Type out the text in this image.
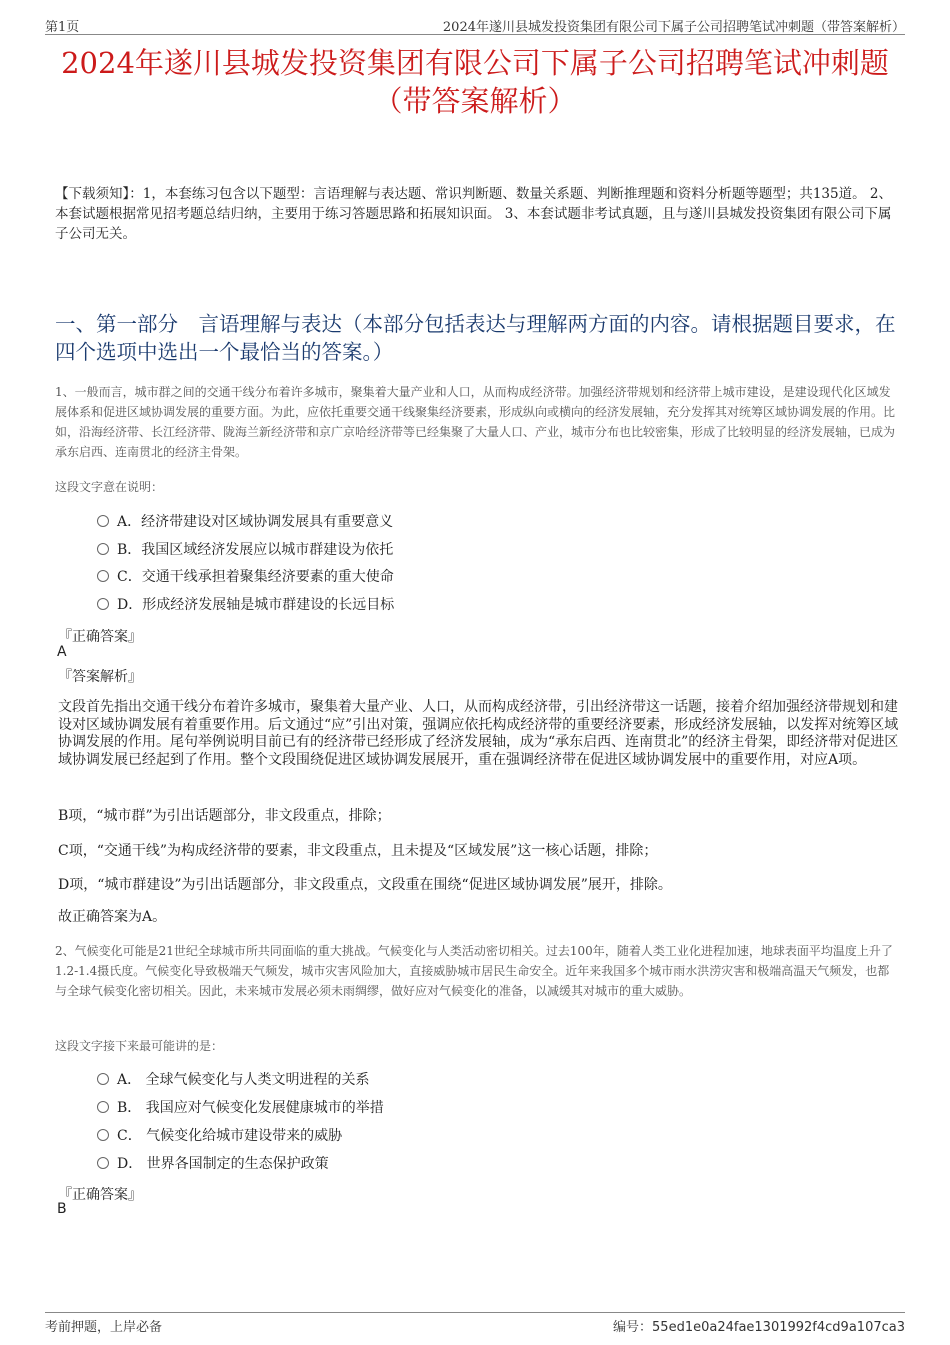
第1页	2024年遂川县城发投资集团有限公司下属子公司招聘笔试冲刺题（带答案解析）
2024年遂川县城发投资集团有限公司下属子公司招聘笔试冲刺题（带答案解析）
【下载须知】：1，本套练习包含以下题型：言语理解与表达题、常识判断题、数量关系题、判断推理题和资料分析题等题型；共135道。 2、本套试题根据常见招考题总结归纳，主要用于练习答题思路和拓展知识面。 3、本套试题非考试真题，且与遂川县城发投资集团有限公司下属子公司无关。
一、第一部分　言语理解与表达（本部分包括表达与理解两方面的内容。请根据题目要求，在四个选项中选出一个最恰当的答案。）
1、一般而言，城市群之间的交通干线分布着许多城市，聚集着大量产业和人口，从而构成经济带。加强经济带规划和经济带上城市建设，是建设现代化区域发展体系和促进区域协调发展的重要方面。为此，应依托重要交通干线聚集经济要素，形成纵向或横向的经济发展轴，充分发挥其对统筹区域协调发展的作用。比如，沿海经济带、长江经济带、陇海兰新经济带和京广京哈经济带等已经集聚了大量人口、产业，城市分布也比较密集，形成了比较明显的经济发展轴，已成为承东启西、连南贯北的经济主骨架。
这段文字意在说明：
A．经济带建设对区域协调发展具有重要意义
B．我国区域经济发展应以城市群建设为依托
C．交通干线承担着聚集经济要素的重大使命
D．形成经济发展轴是城市群建设的长远目标
『正确答案』
A
『答案解析』
文段首先指出交通干线分布着许多城市，聚集着大量产业、人口，从而构成经济带，引出经济带这一话题，接着介绍加强经济带规划和建设对区域协调发展有着重要作用。后文通过“应”引出对策，强调应依托构成经济带的重要经济要素，形成经济发展轴，以发挥对统筹区域协调发展的作用。尾句举例说明目前已有的经济带已经形成了经济发展轴，成为“承东启西、连南贯北”的经济主骨架，即经济带对促进区域协调发展已经起到了作用。整个文段围绕促进区域协调发展展开，重在强调经济带在促进区域协调发展中的重要作用，对应A项。
B项，“城市群”为引出话题部分，非文段重点，排除；
C项，“交通干线”为构成经济带的要素，非文段重点，且未提及“区域发展”这一核心话题，排除；
D项，“城市群建设”为引出话题部分，非文段重点，文段重在围绕“促进区域协调发展”展开，排除。
故正确答案为A。
2、气候变化可能是21世纪全球城市所共同面临的重大挑战。气候变化与人类活动密切相关。过去100年，随着人类工业化进程加速，地球表面平均温度上升了1.2-1.4摄氏度。气候变化导致极端天气频发，城市灾害风险加大，直接威胁城市居民生命安全。近年来我国多个城市雨水洪涝灾害和极端高温天气频发，也都与全球气候变化密切相关。因此，未来城市发展必须未雨绸缪，做好应对气候变化的准备，以减缓其对城市的重大威胁。
这段文字接下来最可能讲的是：
A． 全球气候变化与人类文明进程的关系
B． 我国应对气候变化发展健康城市的举措
C． 气候变化给城市建设带来的威胁
D． 世界各国制定的生态保护政策
『正确答案』
B
考前押题，上岸必备	编号：55ed1e0a24fae1301992f4cd9a107ca3
